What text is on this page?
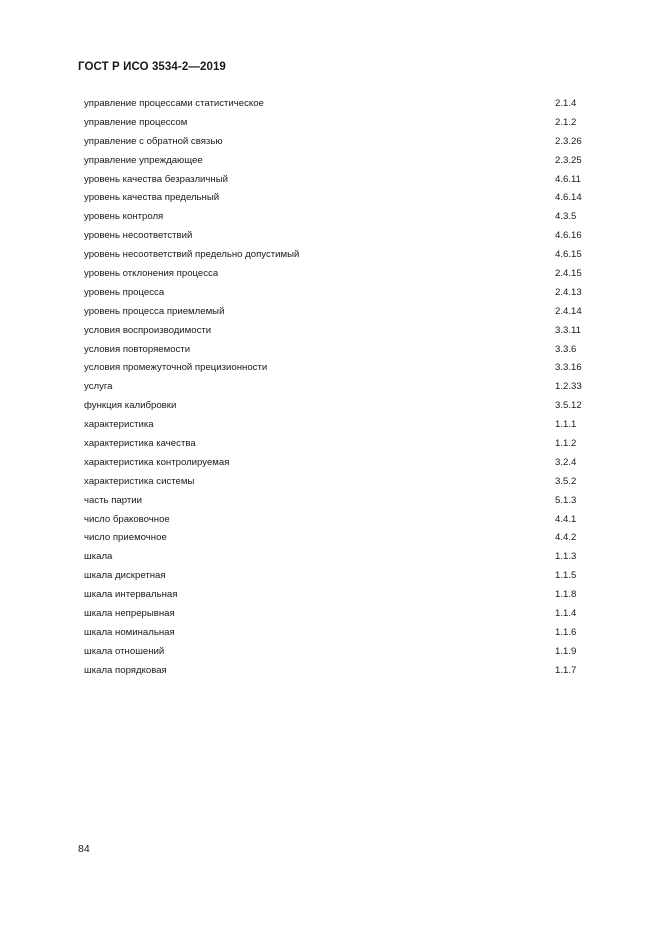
ГОСТ Р ИСО 3534-2—2019
управление процессами статистическое	2.1.4
управление процессом	2.1.2
управление с обратной связью	2.3.26
управление упреждающее	2.3.25
уровень качества безразличный	4.6.11
уровень качества предельный	4.6.14
уровень контроля	4.3.5
уровень несоответствий	4.6.16
уровень несоответствий предельно допустимый	4.6.15
уровень отклонения процесса	2.4.15
уровень процесса	2.4.13
уровень процесса приемлемый	2.4.14
условия воспроизводимости	3.3.11
условия повторяемости	3.3.6
условия промежуточной прецизионности	3.3.16
услуга	1.2.33
функция калибровки	3.5.12
характеристика	1.1.1
характеристика качества	1.1.2
характеристика контролируемая	3.2.4
характеристика системы	3.5.2
часть партии	5.1.3
число браковочное	4.4.1
число приемочное	4.4.2
шкала	1.1.3
шкала дискретная	1.1.5
шкала интервальная	1.1.8
шкала непрерывная	1.1.4
шкала номинальная	1.1.6
шкала отношений	1.1.9
шкала порядковая	1.1.7
84
